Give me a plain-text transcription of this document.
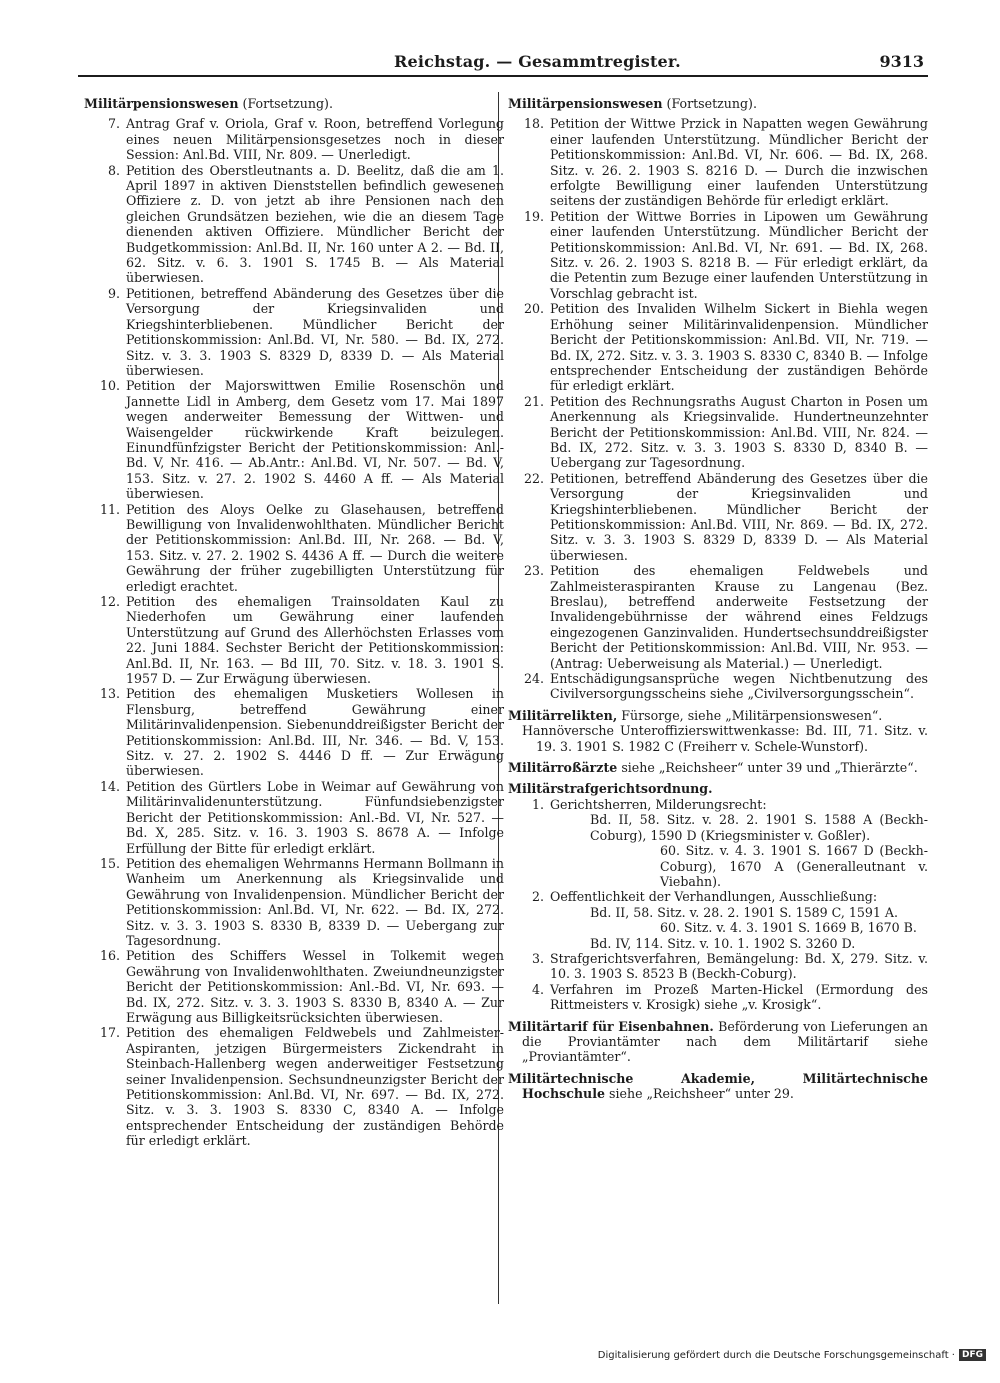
Reichstag. — Gesammtregister.	9313
Militärpensionswesen (Fortsetzung).
7. Antrag Graf v. Oriola, Graf v. Roon, betreffend Vorlegung eines neuen Militärpensionsgesetzes noch in dieser Session: Anl.Bd. VIII, Nr. 809. — Unerledigt.
8. Petition des Oberstleutnants a. D. Beelitz, daß die am 1. April 1897 in aktiven Dienststellen befindlich gewesenen Offiziere z. D. von jetzt ab ihre Pensionen nach den gleichen Grundsätzen beziehen, wie die an diesem Tage dienenden aktiven Offiziere. Mündlicher Bericht der Budgetkommission: Anl.Bd. II, Nr. 160 unter A 2. — Bd. II, 62. Sitz. v. 6. 3. 1901 S. 1745 B. — Als Material überwiesen.
9. Petitionen, betreffend Abänderung des Gesetzes über die Versorgung der Kriegsinvaliden und Kriegshinterbliebenen. Mündlicher Bericht der Petitionskommission: Anl.Bd. VI, Nr. 580. — Bd. IX, 272. Sitz. v. 3. 3. 1903 S. 8329 D, 8339 D. — Als Material überwiesen.
10. Petition der Majorswittwen Emilie Rosenschön und Jannette Lidl in Amberg, dem Gesetz vom 17. Mai 1897 wegen anderweiter Bemessung der Wittwen- und Waisengelder rückwirkende Kraft beizulegen. Einundfünfzigster Bericht der Petitionskommission: Anl.-Bd. V, Nr. 416. — Ab.Antr.: Anl.Bd. VI, Nr. 507. — Bd. V, 153. Sitz. v. 27. 2. 1902 S. 4460 A ff. — Als Material überwiesen.
11. Petition des Aloys Oelke zu Glasehausen, betreffend Bewilligung von Invalidenwohlthaten. Mündlicher Bericht der Petitionskommission: Anl.Bd. III, Nr. 268. — Bd. V, 153. Sitz. v. 27. 2. 1902 S. 4436 A ff. — Durch die weitere Gewährung der früher zugebilligten Unterstützung für erledigt erachtet.
12. Petition des ehemaligen Trainsoldaten Kaul zu Niederhofen um Gewährung einer laufenden Unterstützung auf Grund des Allerhöchsten Erlasses vom 22. Juni 1884. Sechster Bericht der Petitionskommission: Anl.Bd. II, Nr. 163. — Bd III, 70. Sitz. v. 18. 3. 1901 S. 1957 D. — Zur Erwägung überwiesen.
13. Petition des ehemaligen Musketiers Wollesen in Flensburg, betreffend Gewährung einer Militärinvalidenpension. Siebenunddreißigster Bericht der Petitionskommission: Anl.Bd. III, Nr. 346. — Bd. V, 153. Sitz. v. 27. 2. 1902 S. 4446 D ff. — Zur Erwägung überwiesen.
14. Petition des Gürtlers Lobe in Weimar auf Gewährung von Militärinvalidenunterstützung. Fünfundsiebenzigster Bericht der Petitionskommission: Anl.-Bd. VI, Nr. 527. — Bd. X, 285. Sitz. v. 16. 3. 1903 S. 8678 A. — Infolge Erfüllung der Bitte für erledigt erklärt.
15. Petition des ehemaligen Wehrmanns Hermann Bollmann in Wanheim um Anerkennung als Kriegsinvalide und Gewährung von Invalidenpension. Mündlicher Bericht der Petitionskommission: Anl.Bd. VI, Nr. 622. — Bd. IX, 272. Sitz. v. 3. 3. 1903 S. 8330 B, 8339 D. — Uebergang zur Tagesordnung.
16. Petition des Schiffers Wessel in Tolkemit wegen Gewährung von Invalidenwohlthaten. Zweiundneunzigster Bericht der Petitionskommission: Anl.-Bd. VI, Nr. 693. — Bd. IX, 272. Sitz. v. 3. 3. 1903 S. 8330 B, 8340 A. — Zur Erwägung aus Billigkeitsrücksichten überwiesen.
17. Petition des ehemaligen Feldwebels und Zahlmeister-Aspiranten, jetzigen Bürgermeisters Zickendraht in Steinbach-Hallenberg wegen anderweitiger Festsetzung seiner Invalidenpension. Sechsundneunzigster Bericht der Petitionskommission: Anl.Bd. VI, Nr. 697. — Bd. IX, 272. Sitz. v. 3. 3. 1903 S. 8330 C, 8340 A. — Infolge entsprechender Entscheidung der zuständigen Behörde für erledigt erklärt.
Militärpensionswesen (Fortsetzung).
18. Petition der Wittwe Przick in Napatten wegen Gewährung einer laufenden Unterstützung. Mündlicher Bericht der Petitionskommission: Anl.Bd. VI, Nr. 606. — Bd. IX, 268. Sitz. v. 26. 2. 1903 S. 8216 D. — Durch die inzwischen erfolgte Bewilligung einer laufenden Unterstützung seitens der zuständigen Behörde für erledigt erklärt.
19. Petition der Wittwe Borries in Lipowen um Gewährung einer laufenden Unterstützung. Mündlicher Bericht der Petitionskommission: Anl.Bd. VI, Nr. 691. — Bd. IX, 268. Sitz. v. 26. 2. 1903 S. 8218 B. — Für erledigt erklärt, da die Petentin zum Bezuge einer laufenden Unterstützung in Vorschlag gebracht ist.
20. Petition des Invaliden Wilhelm Sickert in Biehla wegen Erhöhung seiner Militärinvalidenpension. Mündlicher Bericht der Petitionskommission: Anl.Bd. VII, Nr. 719. — Bd. IX, 272. Sitz. v. 3. 3. 1903 S. 8330 C, 8340 B. — Infolge entsprechender Entscheidung der zuständigen Behörde für erledigt erklärt.
21. Petition des Rechnungsraths August Charton in Posen um Anerkennung als Kriegsinvalide. Hundertneunzehnter Bericht der Petitionskommission: Anl.Bd. VIII, Nr. 824. — Bd. IX, 272. Sitz. v. 3. 3. 1903 S. 8330 D, 8340 B. — Uebergang zur Tagesordnung.
22. Petitionen, betreffend Abänderung des Gesetzes über die Versorgung der Kriegsinvaliden und Kriegshinterbliebenen. Mündlicher Bericht der Petitionskommission: Anl.Bd. VIII, Nr. 869. — Bd. IX, 272. Sitz. v. 3. 3. 1903 S. 8329 D, 8339 D. — Als Material überwiesen.
23. Petition des ehemaligen Feldwebels und Zahlmeisteraspiranten Krause zu Langenau (Bez. Breslau), betreffend anderweite Festsetzung der Invalidengebührnisse der während eines Feldzugs eingezogenen Ganzinvaliden. Hundertsechsunddreißigster Bericht der Petitionskommission: Anl.Bd. VIII, Nr. 953. — (Antrag: Ueberweisung als Material.) — Unerledigt.
24. Entschädigungsansprüche wegen Nichtbenutzung des Civilversorgungsscheins siehe „Civilversorgungsschein“.
Militärrelikten, Fürsorge, siehe „Militärpensionswesen“.
Hannöversche Unteroffizierswittwenkasse: Bd. III, 71. Sitz. v. 19. 3. 1901 S. 1982 C (Freiherr v. Schele-Wunstorf).
Militärroßärzte siehe „Reichsheer“ unter 39 und „Thierärzte“.
Militärstrafgerichtsordnung.
1. Gerichtsherren, Milderungsrecht:
Bd. II, 58. Sitz. v. 28. 2. 1901 S. 1588 A (Beckh-Coburg), 1590 D (Kriegsminister v. Goßler).
60. Sitz. v. 4. 3. 1901 S. 1667 D (Beckh-Coburg), 1670 A (Generalleutnant v. Viebahn).
2. Oeffentlichkeit der Verhandlungen, Ausschließung:
Bd. II, 58. Sitz. v. 28. 2. 1901 S. 1589 C, 1591 A.
60. Sitz. v. 4. 3. 1901 S. 1669 B, 1670 B.
Bd. IV, 114. Sitz. v. 10. 1. 1902 S. 3260 D.
3. Strafgerichtsverfahren, Bemängelung: Bd. X, 279. Sitz. v. 10. 3. 1903 S. 8523 B (Beckh-Coburg).
4. Verfahren im Prozeß Marten-Hickel (Ermordung des Rittmeisters v. Krosigk) siehe „v. Krosigk“.
Militärtarif für Eisenbahnen. Beförderung von Lieferungen an die Proviantämter nach dem Militärtarif siehe „Proviantämter“.
Militärtechnische Akademie, Militärtechnische Hochschule siehe „Reichsheer“ unter 29.
Digitalisierung gefördert durch die Deutsche Forschungsgemeinschaft · DFG
